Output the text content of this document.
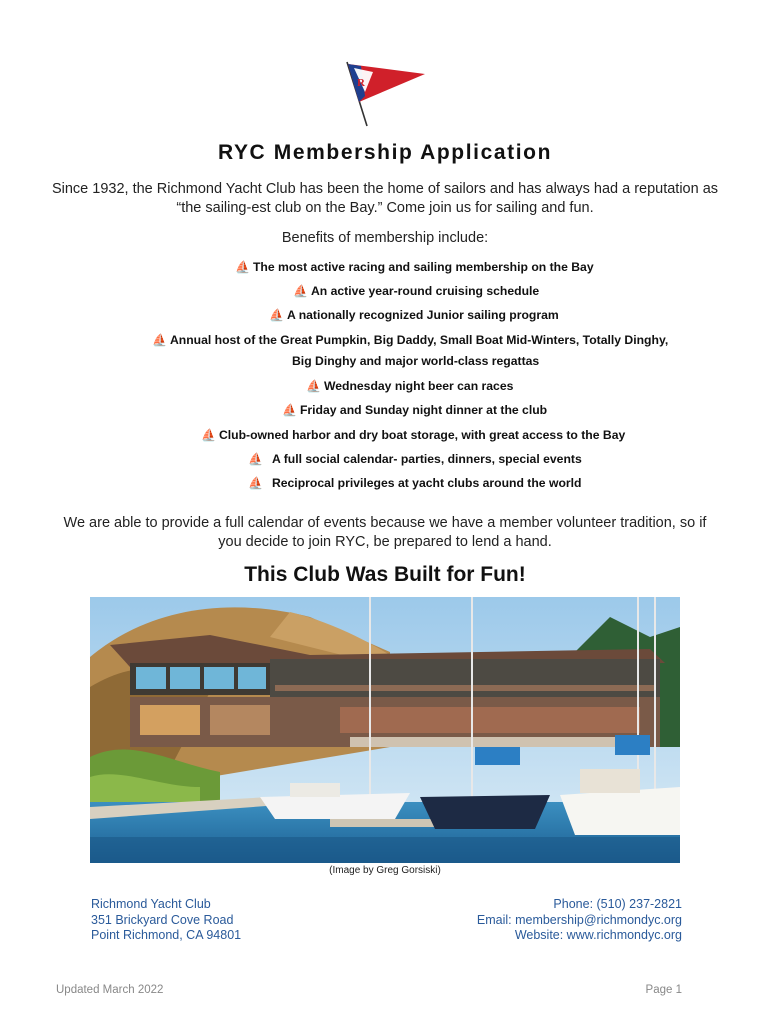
R
RYC Membership Application
Since 1932, the Richmond Yacht Club has been the home of sailors and has always had a reputation as “the sailing-est club on the Bay.” Come join us for sailing and fun.
Benefits of membership include:
⛵ The most active racing and sailing membership on the Bay
⛵ An active year-round cruising schedule
⛵ A nationally recognized Junior sailing program
⛵ Annual host of the Great Pumpkin, Big Daddy, Small Boat Mid-Winters, Totally Dinghy,
Big Dinghy and major world-class regattas
⛵ Wednesday night beer can races
⛵ Friday and Sunday night dinner at the club
⛵ Club-owned harbor and dry boat storage, with great access to the Bay
⛵ A full social calendar- parties, dinners, special events
⛵ Reciprocal privileges at yacht clubs around the world
We are able to provide a full calendar of events because we have a member volunteer tradition, so if you decide to join RYC, be prepared to lend a hand.
This Club Was Built for Fun!
(Image by Greg Gorsiski)
Richmond Yacht Club
351 Brickyard Cove Road
Point Richmond, CA 94801
Phone: (510) 237-2821
Email: membership@richmondyc.org
Website: www.richmondyc.org
Updated March 2022	Page 1
